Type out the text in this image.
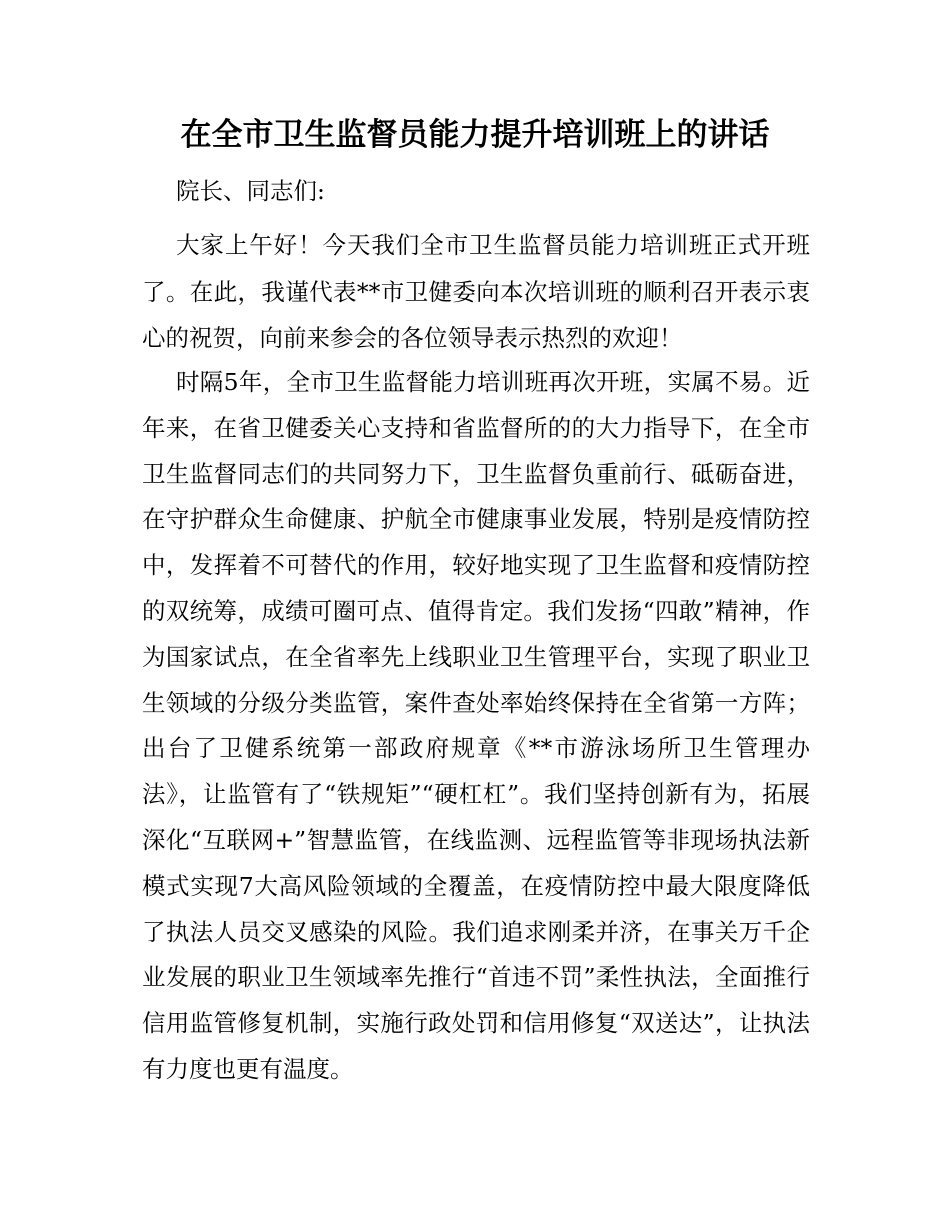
在全市卫生监督员能力提升培训班上的讲话

院长、同志们:

大家上午好！今天我们全市卫生监督员能力培训班正式开班了。在此，我谨代表**市卫健委向本次培训班的顺利召开表示衷心的祝贺，向前来参会的各位领导表示热烈的欢迎！

时隔5年，全市卫生监督能力培训班再次开班，实属不易。近年来，在省卫健委关心支持和省监督所的的大力指导下，在全市卫生监督同志们的共同努力下，卫生监督负重前行、砥砺奋进，在守护群众生命健康、护航全市健康事业发展，特别是疫情防控中，发挥着不可替代的作用，较好地实现了卫生监督和疫情防控的双统筹，成绩可圈可点、值得肯定。我们发扬“四敢”精神，作为国家试点，在全省率先上线职业卫生管理平台，实现了职业卫生领域的分级分类监管，案件查处率始终保持在全省第一方阵；出台了卫健系统第一部政府规章《**市游泳场所卫生管理办法》，让监管有了“铁规矩”“硬杠杠”。我们坚持创新有为，拓展深化“互联网+”智慧监管，在线监测、远程监管等非现场执法新模式实现7大高风险领域的全覆盖，在疫情防控中最大限度降低了执法人员交叉感染的风险。我们追求刚柔并济，在事关万千企业发展的职业卫生领域率先推行“首违不罚”柔性执法，全面推行信用监管修复机制，实施行政处罚和信用修复“双送达”，让执法有力度也更有温度。
